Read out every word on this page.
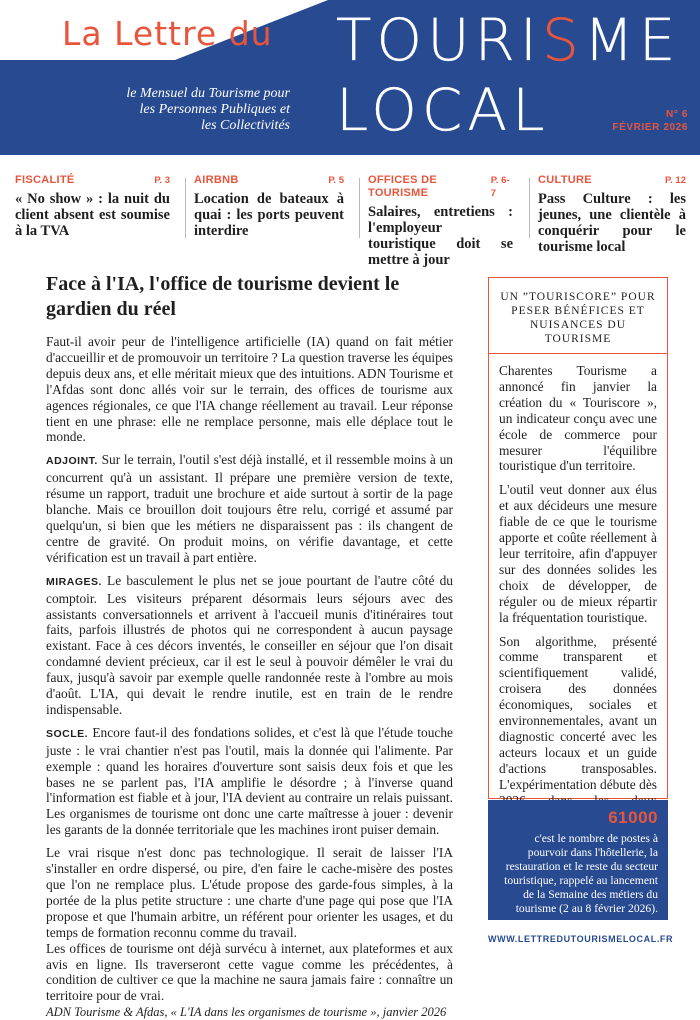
La Lettre du TOURISME
LOCAL
le Mensuel du Tourisme pour
les Personnes Publiques et
les Collectivités
N° 6
FÉVRIER 2026
FISCALITÉ	P. 3
« No show » : la nuit du client absent est soumise à la TVA
AIRBNB	P. 5
Location de bateaux à quai : les ports peuvent interdire
OFFICES DE TOURISME
P. 6-7
Salaires, entretiens : l'employeur touristique doit se mettre à jour
CULTURE	P. 12
Pass Culture : les jeunes, une clientèle à conquérir pour le tourisme local
Face à l'IA, l'office de tourisme devient le gardien du réel

Faut-il avoir peur de l'intelligence artificielle (IA) quand on fait métier d'accueillir et de promouvoir un territoire ? La question traverse les équipes depuis deux ans, et elle méritait mieux que des intuitions. ADN Tourisme et l'Afdas sont donc allés voir sur le terrain, des offices de tourisme aux agences régionales, ce que l'IA change réellement au travail. Leur réponse tient en une phrase: elle ne remplace personne, mais elle déplace tout le monde.

ADJOINT. Sur le terrain, l'outil s'est déjà installé, et il ressemble moins à un concurrent qu'à un assistant. Il prépare une première version de texte, résume un rapport, traduit une brochure et aide surtout à sortir de la page blanche. Mais ce brouillon doit toujours être relu, corrigé et assumé par quelqu'un, si bien que les métiers ne disparaissent pas : ils changent de centre de gravité. On produit moins, on vérifie davantage, et cette vérification est un travail à part entière.

MIRAGES. Le basculement le plus net se joue pourtant de l'autre côté du comptoir. Les visiteurs préparent désormais leurs séjours avec des assistants conversationnels et arrivent à l'accueil munis d'itinéraires tout faits, parfois illustrés de photos qui ne correspondent à aucun paysage existant. Face à ces décors inventés, le conseiller en séjour que l'on disait condamné devient précieux, car il est le seul à pouvoir démêler le vrai du faux, jusqu'à savoir par exemple quelle randonnée reste à l'ombre au mois d'août. L'IA, qui devait le rendre inutile, est en train de le rendre indispensable.

SOCLE. Encore faut-il des fondations solides, et c'est là que l'étude touche juste : le vrai chantier n'est pas l'outil, mais la donnée qui l'alimente. Par exemple : quand les horaires d'ouverture sont saisis deux fois et que les bases ne se parlent pas, l'IA amplifie le désordre ; à l'inverse quand l'information est fiable et à jour, l'IA devient au contraire un relais puissant. Les organismes de tourisme ont donc une carte maîtresse à jouer : devenir les garants de la donnée territoriale que les machines iront puiser demain.

Le vrai risque n'est donc pas technologique. Il serait de laisser l'IA s'installer en ordre dispersé, ou pire, d'en faire le cache-misère des postes que l'on ne remplace plus. L'étude propose des garde-fous simples, à la portée de la plus petite structure : une charte d'une page qui pose que l'IA propose et que l'humain arbitre, un référent pour orienter les usages, et du temps de formation reconnu comme du travail.

Les offices de tourisme ont déjà survécu à internet, aux plateformes et aux avis en ligne. Ils traverseront cette vague comme les précédentes, à condition de cultiver ce que la machine ne saura jamais faire : connaître un territoire pour de vrai.

ADN Tourisme & Afdas, « L'IA dans les organismes de tourisme », janvier 2026
UN ”TOURISCORE” POUR PESER BÉNÉFICES ET NUISANCES DU TOURISME

Charentes Tourisme a annoncé fin janvier la création du « Touriscore », un indicateur conçu avec une école de commerce pour mesurer l'équilibre touristique d'un territoire.

L'outil veut donner aux élus et aux décideurs une mesure fiable de ce que le tourisme apporte et coûte réellement à leur territoire, afin d'appuyer sur des données solides les choix de développer, de réguler ou de mieux répartir la fréquentation touristique.

Son algorithme, présenté comme transparent et scientifiquement validé, croisera des données économiques, sociales et environnementales, avant un diagnostic concerté avec les acteurs locaux et un guide d'actions transposables. L'expérimentation débute dès

61000
c'est le nombre de postes à pourvoir dans l'hôtellerie, la restauration et le reste du secteur touristique, rappelé au lancement de la Semaine des métiers du tourisme (2 au 8 février 2026).
WWW.LETTREDUTOURISMELOCAL.FR
